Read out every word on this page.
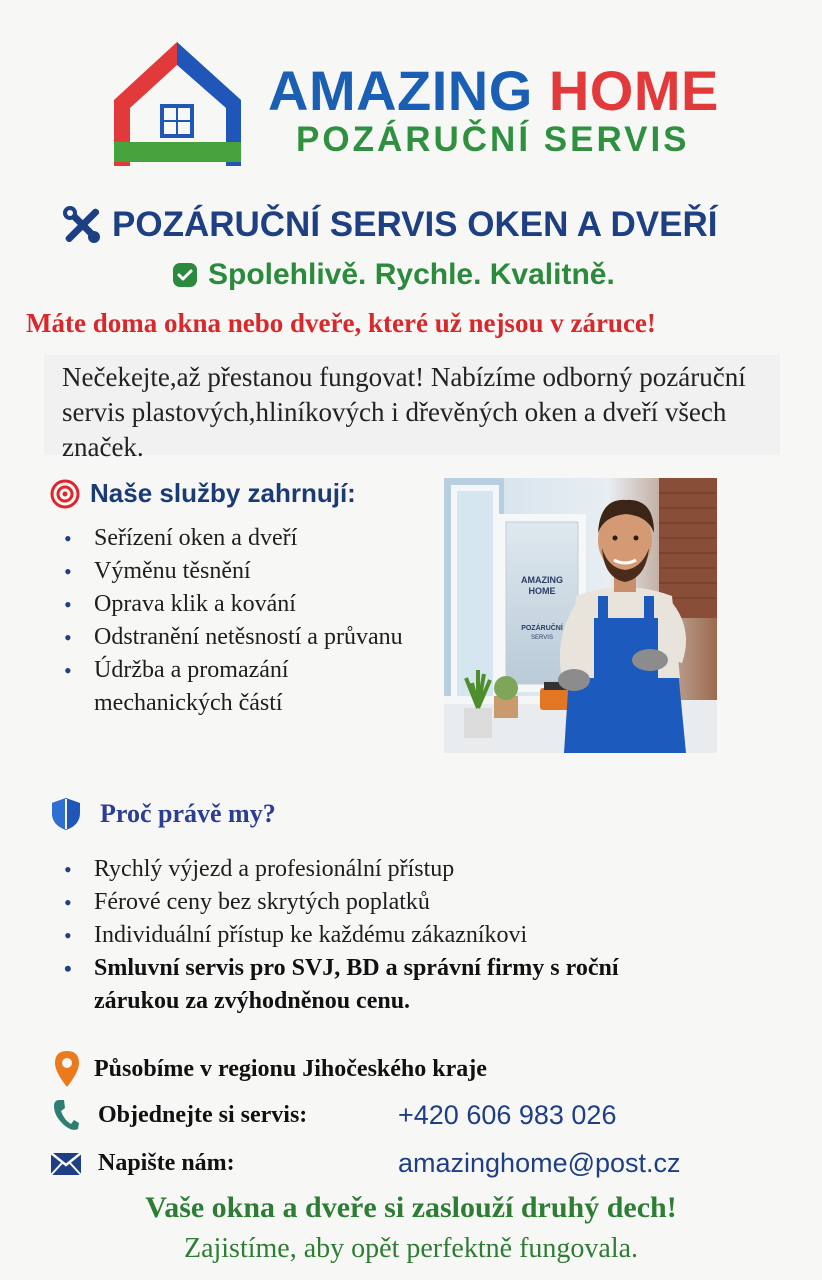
AMAZING HOME
POZÁRUČNÍ SERVIS
POZÁRUČNÍ SERVIS OKEN A DVEŘÍ
Spolehlivě. Rychle. Kvalitně.
Máte doma okna nebo dveře, které už nejsou v záruce!
Nečekejte,až přestanou fungovat! Nabízíme odborný pozáruční servis plastových,hliníkových i dřevěných oken a dveří všech značek.
Naše služby zahrnují:
• Seřízení oken a dveří
• Výměnu těsnění
• Oprava klik a kování
• Odstranění netěsností a průvanu
• Údržba a promazání mechanických částí
AMAZING
HOME
POZÁRUČNÍ
SERVIS
Proč právě my?
• Rychlý výjezd a profesionální přístup
• Férové ceny bez skrytých poplatků
• Individuální přístup ke každému zákazníkovi
• Smluvní servis pro SVJ, BD a správní firmy s roční zárukou za zvýhodněnou cenu.
Působíme v regionu Jihočeského kraje
Objednejte si servis:	+420 606 983 026
Napište nám:	amazinghome@post.cz
Vaše okna a dveře si zaslouží druhý dech!
Zajistíme, aby opět perfektně fungovala.
